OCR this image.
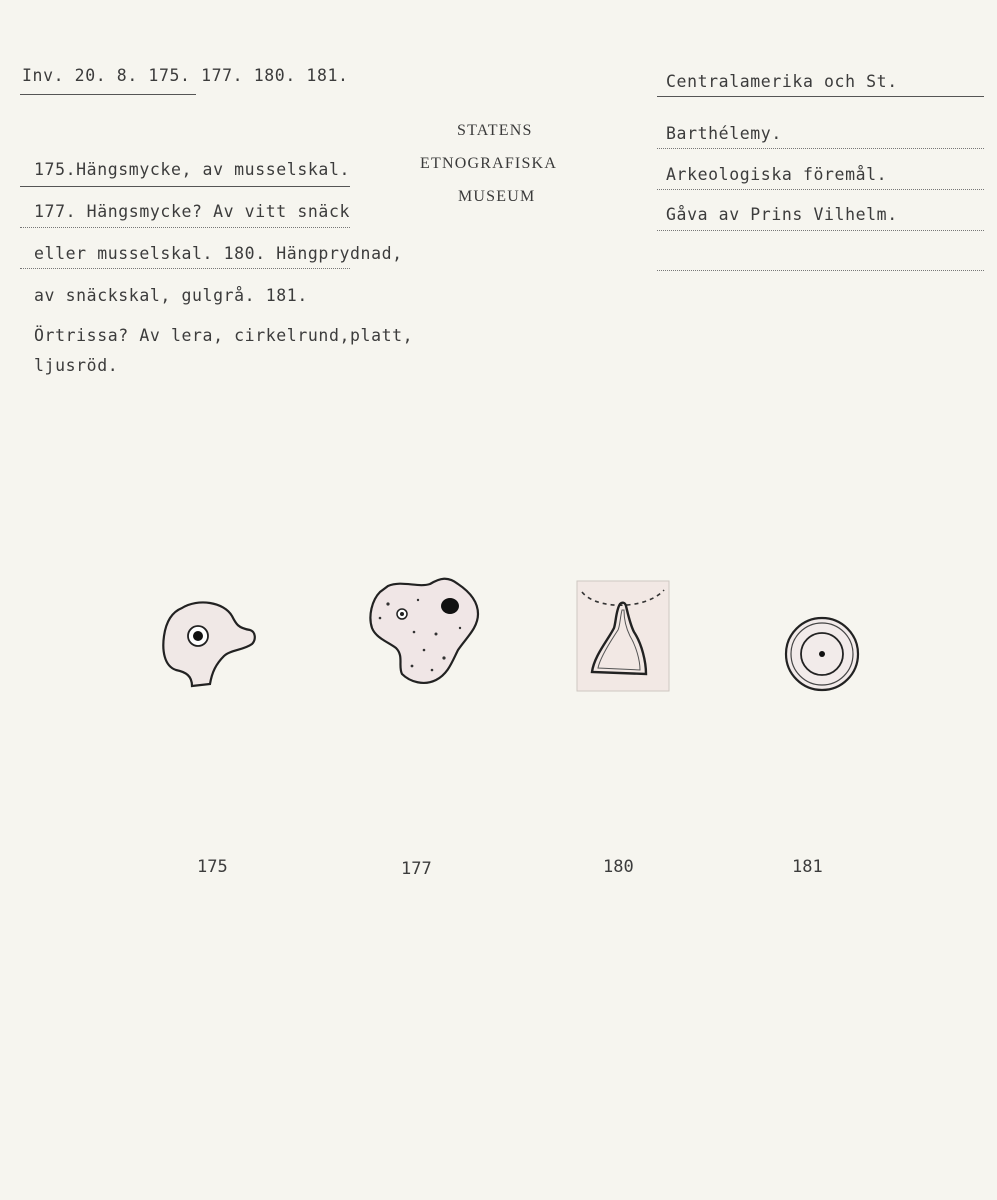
Inv. 20. 8. 175. 177. 180. 181.
STATENS
ETNOGRAFISKA
MUSEUM
Centralamerika och St.
Barthélemy.
Arkeologiska föremål.
Gåva av Prins Vilhelm.
175.Hängsmycke, av musselskal.
177. Hängsmycke? Av vitt snäck
eller musselskal. 180. Hängprydnad,
av snäckskal, gulgrå. 181.
Örtrissa? Av lera, cirkelrund,platt,
ljusröd.
175	177	180	181
